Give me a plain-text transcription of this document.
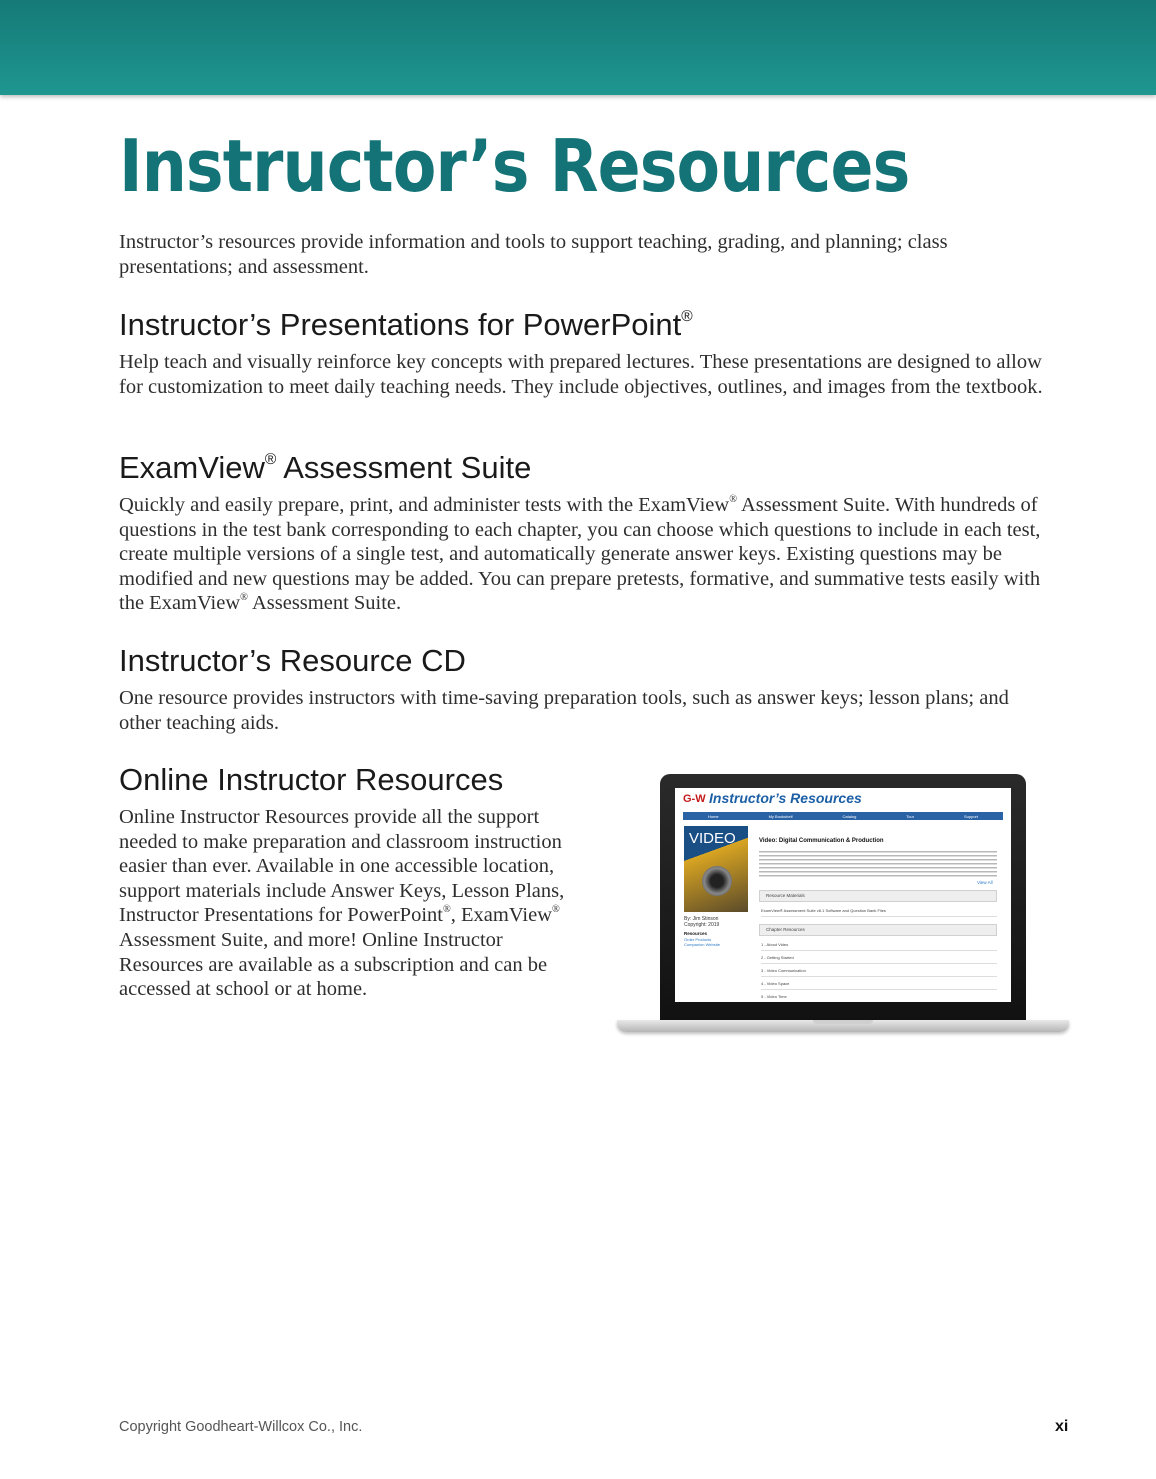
Instructor’s Resources

Instructor’s resources provide information and tools to support teaching, grading, and planning; class presentations; and assessment.

Instructor’s Presentations for PowerPoint®

Help teach and visually reinforce key concepts with prepared lectures. These presentations are designed to allow for customization to meet daily teaching needs. They include objectives, outlines, and images from the textbook.

ExamView® Assessment Suite

Quickly and easily prepare, print, and administer tests with the ExamView® Assessment Suite. With hundreds of questions in the test bank corresponding to each chapter, you can choose which questions to include in each test, create multiple versions of a single test, and automatically generate answer keys. Existing questions may be modified and new questions may be added. You can prepare pretests, formative, and summative tests easily with the ExamView® Assessment Suite.

Instructor’s Resource CD

One resource provides instructors with time-saving preparation tools, such as answer keys; lesson plans; and other teaching aids.

Online Instructor Resources

Online Instructor Resources provide all the support needed to make preparation and classroom instruction easier than ever. Available in one accessible location, support materials include Answer Keys, Lesson Plans, Instructor Presentations for PowerPoint®, ExamView® Assessment Suite, and more! Online Instructor Resources are available as a subscription and can be accessed at school or at home.

G-W Instructor’s Resources
Home	My Bookshelf	Catalog	Tour	Support
VIDEO
By: Jim Stinson
Copyright: 2019
Resources
Order Products
Companion Website
Video: Digital Communication & Production
View All
Resource Materials
ExamView® Assessment Suite v8.1 Software and Question Bank Files
Chapter Resources
1 - About Video
2 - Getting Started
3 - Video Communication
4 - Video Space
5 - Video Time

Copyright Goodheart-Willcox Co., Inc.	xi
